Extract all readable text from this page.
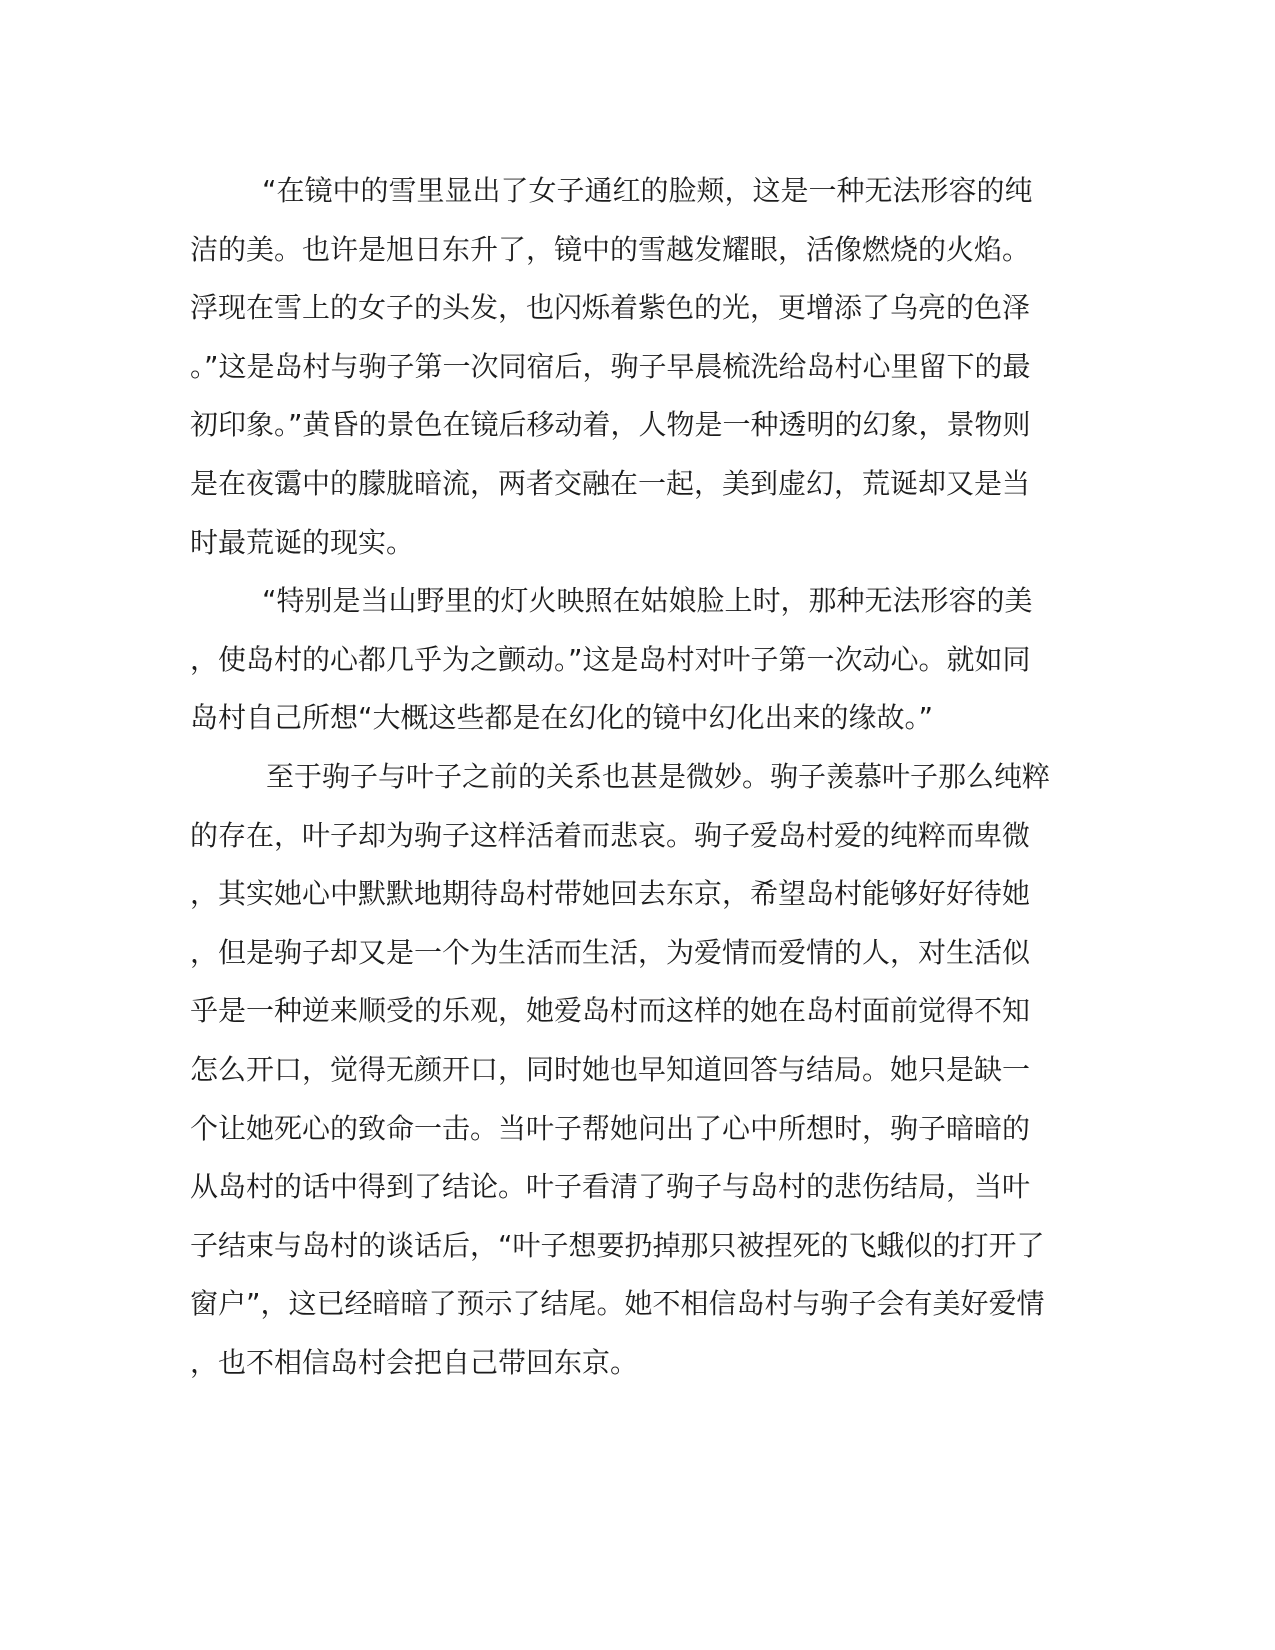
“在镜中的雪里显出了女子通红的脸颊，这是一种无法形容的纯
洁的美。也许是旭日东升了，镜中的雪越发耀眼，活像燃烧的火焰。
浮现在雪上的女子的头发，也闪烁着紫色的光，更增添了乌亮的色泽
。”这是岛村与驹子第一次同宿后，驹子早晨梳洗给岛村心里留下的最
初印象。”黄昏的景色在镜后移动着，人物是一种透明的幻象，景物则
是在夜霭中的朦胧暗流，两者交融在一起，美到虚幻，荒诞却又是当
时最荒诞的现实。
“特别是当山野里的灯火映照在姑娘脸上时，那种无法形容的美
，使岛村的心都几乎为之颤动。”这是岛村对叶子第一次动心。就如同
岛村自己所想“大概这些都是在幻化的镜中幻化出来的缘故。”
至于驹子与叶子之前的关系也甚是微妙。驹子羡慕叶子那么纯粹
的存在，叶子却为驹子这样活着而悲哀。驹子爱岛村爱的纯粹而卑微
，其实她心中默默地期待岛村带她回去东京，希望岛村能够好好待她
，但是驹子却又是一个为生活而生活，为爱情而爱情的人，对生活似
乎是一种逆来顺受的乐观，她爱岛村而这样的她在岛村面前觉得不知
怎么开口，觉得无颜开口，同时她也早知道回答与结局。她只是缺一
个让她死心的致命一击。当叶子帮她问出了心中所想时，驹子暗暗的
从岛村的话中得到了结论。叶子看清了驹子与岛村的悲伤结局，当叶
子结束与岛村的谈话后，“叶子想要扔掉那只被捏死的飞蛾似的打开了
窗户”，这已经暗暗了预示了结尾。她不相信岛村与驹子会有美好爱情
，也不相信岛村会把自己带回东京。
